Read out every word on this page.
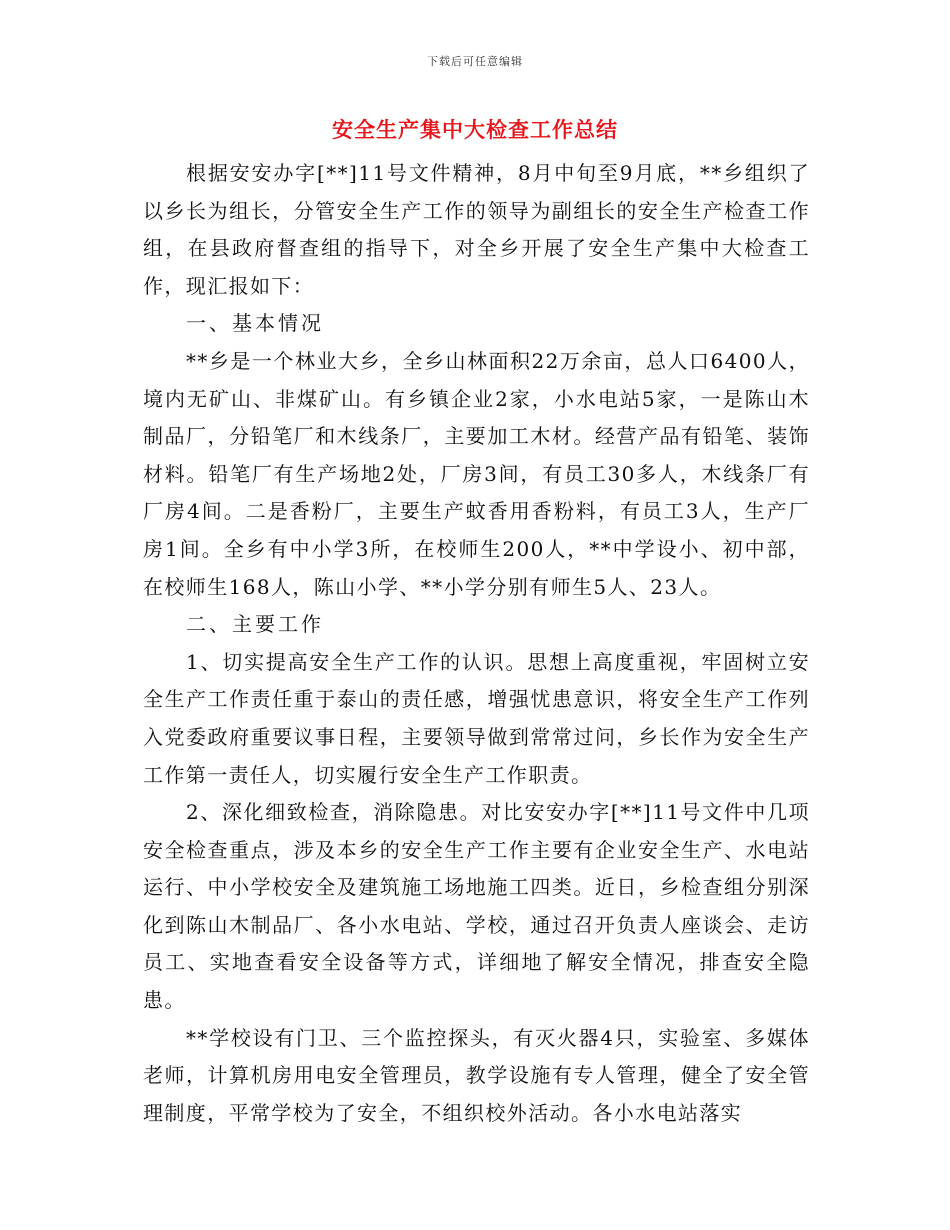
下载后可任意编辑
安全生产集中大检查工作总结

根据安安办字[**]11号文件精神，8月中旬至9月底，**乡组织了以乡长为组长，分管安全生产工作的领导为副组长的安全生产检查工作组，在县政府督查组的指导下，对全乡开展了安全生产集中大检查工作，现汇报如下：

一、基本情况

**乡是一个林业大乡，全乡山林面积22万余亩，总人口6400人，境内无矿山、非煤矿山。有乡镇企业2家，小水电站5家，一是陈山木制品厂，分铅笔厂和木线条厂，主要加工木材。经营产品有铅笔、装饰材料。铅笔厂有生产场地2处，厂房3间，有员工30多人，木线条厂有厂房4间。二是香粉厂，主要生产蚊香用香粉料，有员工3人，生产厂房1间。全乡有中小学3所，在校师生200人，**中学设小、初中部，在校师生168人，陈山小学、**小学分别有师生5人、23人。

二、主要工作

1、切实提高安全生产工作的认识。思想上高度重视，牢固树立安全生产工作责任重于泰山的责任感，增强忧患意识，将安全生产工作列入党委政府重要议事日程，主要领导做到常常过问，乡长作为安全生产工作第一责任人，切实履行安全生产工作职责。

2、深化细致检查，消除隐患。对比安安办字[**]11号文件中几项安全检查重点，涉及本乡的安全生产工作主要有企业安全生产、水电站运行、中小学校安全及建筑施工场地施工四类。近日，乡检查组分别深化到陈山木制品厂、各小水电站、学校，通过召开负责人座谈会、走访员工、实地查看安全设备等方式，详细地了解安全情况，排查安全隐患。

**学校设有门卫、三个监控探头，有灭火器4只，实验室、多媒体老师，计算机房用电安全管理员，教学设施有专人管理，健全了安全管理制度，平常学校为了安全，不组织校外活动。各小水电站落实
